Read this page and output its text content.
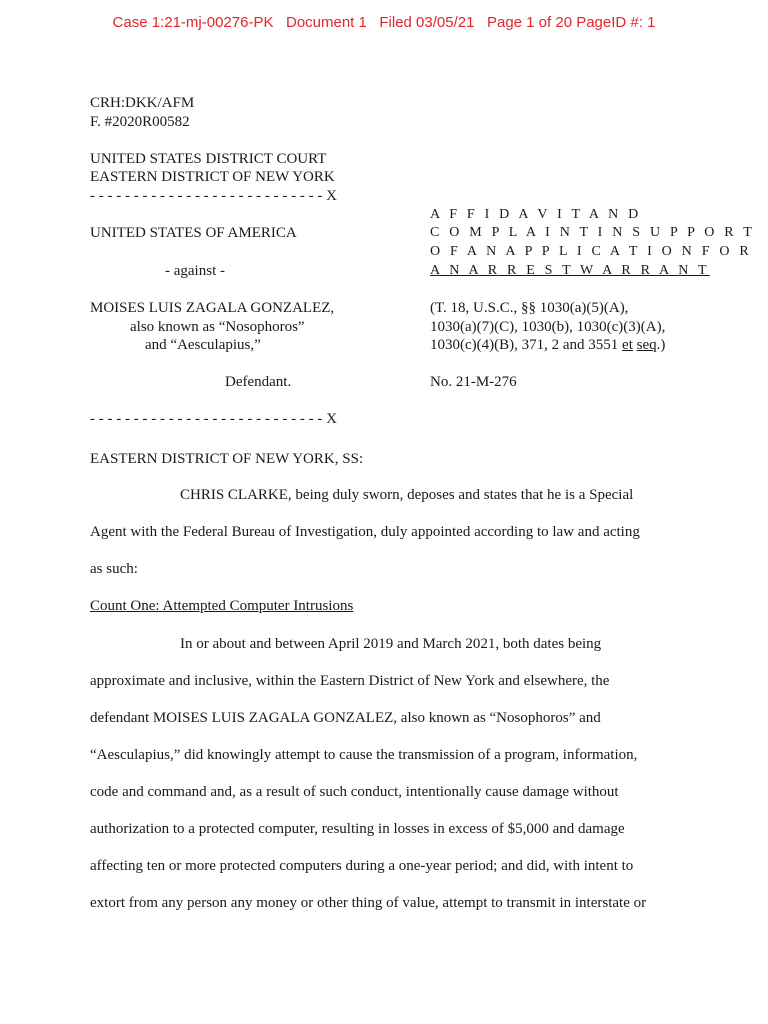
Case 1:21-mj-00276-PK Document 1 Filed 03/05/21 Page 1 of 20 PageID #: 1
CRH:DKK/AFM
F. #2020R00582
UNITED STATES DISTRICT COURT
EASTERN DISTRICT OF NEW YORK
- - - - - - - - - - - - - - - - - - - - - - - - - - - X
UNITED STATES OF AMERICA
- against -
MOISES LUIS ZAGALA GONZALEZ,
also known as “Nosophoros”
and “Aesculapius,”
Defendant.
- - - - - - - - - - - - - - - - - - - - - - - - - - - X
A F F I D A V I T A N D
C O M P L A I N T I N S U P P O R T
O F A N A P P L I C A T I O N F O R
A N A R R E S T W A R R A N T
(T. 18, U.S.C., §§ 1030(a)(5)(A),
1030(a)(7)(C), 1030(b), 1030(c)(3)(A),
1030(c)(4)(B), 371, 2 and 3551 et seq.)
No. 21-M-276
EASTERN DISTRICT OF NEW YORK, SS:
CHRIS CLARKE, being duly sworn, deposes and states that he is a Special
Agent with the Federal Bureau of Investigation, duly appointed according to law and acting
as such:
Count One: Attempted Computer Intrusions
In or about and between April 2019 and March 2021, both dates being
approximate and inclusive, within the Eastern District of New York and elsewhere, the
defendant MOISES LUIS ZAGALA GONZALEZ, also known as “Nosophoros” and
“Aesculapius,” did knowingly attempt to cause the transmission of a program, information,
code and command and, as a result of such conduct, intentionally cause damage without
authorization to a protected computer, resulting in losses in excess of $5,000 and damage
affecting ten or more protected computers during a one-year period; and did, with intent to
extort from any person any money or other thing of value, attempt to transmit in interstate or
